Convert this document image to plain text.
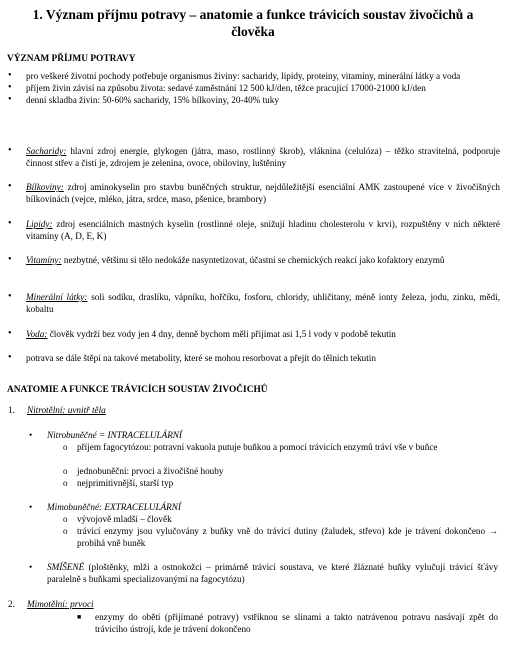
1. Význam příjmu potravy – anatomie a funkce trávicích soustav živočichů a člověka
VÝZNAM PŘÍJMU POTRAVY
• pro veškeré životní pochody potřebuje organismus živiny: sacharidy, lipidy, proteiny, vitamíny, minerální látky a voda
• příjem živin závisí na způsobu života: sedavé zaměstnání 12 500 kJ/den, těžce pracující 17000-21000 kJ/den
• denní skladba živin: 50-60% sacharidy, 15% bílkoviny, 20-40% tuky
• Sacharidy: hlavní zdroj energie, glykogen (játra, maso, rostlinný škrob), vláknina (celulóza) – těžko stravitelná, podporuje činnost střev a čistí je, zdrojem je zelenina, ovoce, obiloviny, luštěniny
• Bílkoviny: zdroj aminokyselin pro stavbu buněčných struktur, nejdůležitější esenciální AMK zastoupené více v živočišných bílkovinách (vejce, mléko, játra, srdce, maso, pšenice, brambory)
• Lipidy: zdroj esenciálních mastných kyselin (rostlinné oleje, snižují hladinu cholesterolu v krvi), rozpuštěny v nich některé vitamíny (A, D, E, K)
• Vitamíny: nezbytné, většinu si tělo nedokáže nasyntetizovat, účastní se chemických reakcí jako kofaktory enzymů
• Minerální látky: soli sodíku, draslíku, vápníku, hořčíku, fosforu, chloridy, uhličitany, méně ionty železa, jodu, zinku, mědi, kobaltu
• Voda: člověk vydrží bez vody jen 4 dny, denně bychom měli přijímat asi 1,5 l vody v podobě tekutin
• potrava se dále štěpí na takové metabolity, které se mohou resorbovat a přejít do tělních tekutin
ANATOMIE A FUNKCE TRÁVICÍCH SOUSTAV ŽIVOČICHŮ
1. Nitrotělní: uvnitř těla
• Nitrobuněčné = INTRACELULÁRNÍ
o příjem fagocytózou: potravní vakuola putuje buňkou a pomocí trávicích enzymů tráví vše v buňce
o jednobuněční: prvoci a živočišné houby
o nejprimitivnější, starší typ
• Mimobuněčné: EXTRACELULÁRNÍ
o vývojově mladší – člověk
o trávicí enzymy jsou vylučovány z buňky vně do trávicí dutiny (žaludek, střevo) kde je trávení dokončeno → probíhá vně buněk
• SMÍŠENÉ (ploštěnky, mlži a ostnokožci – primárně trávicí soustava, ve které žláznaté buňky vylučují trávicí šťávy paralelně s buňkami specializovanými na fagocytózu)
2. Mimotělní: prvoci
■ enzymy do oběti (přijímané potravy) vstříknou se slinami a takto natrávenou potravu nasávají zpět do trávicího ústrojí, kde je trávení dokončeno
